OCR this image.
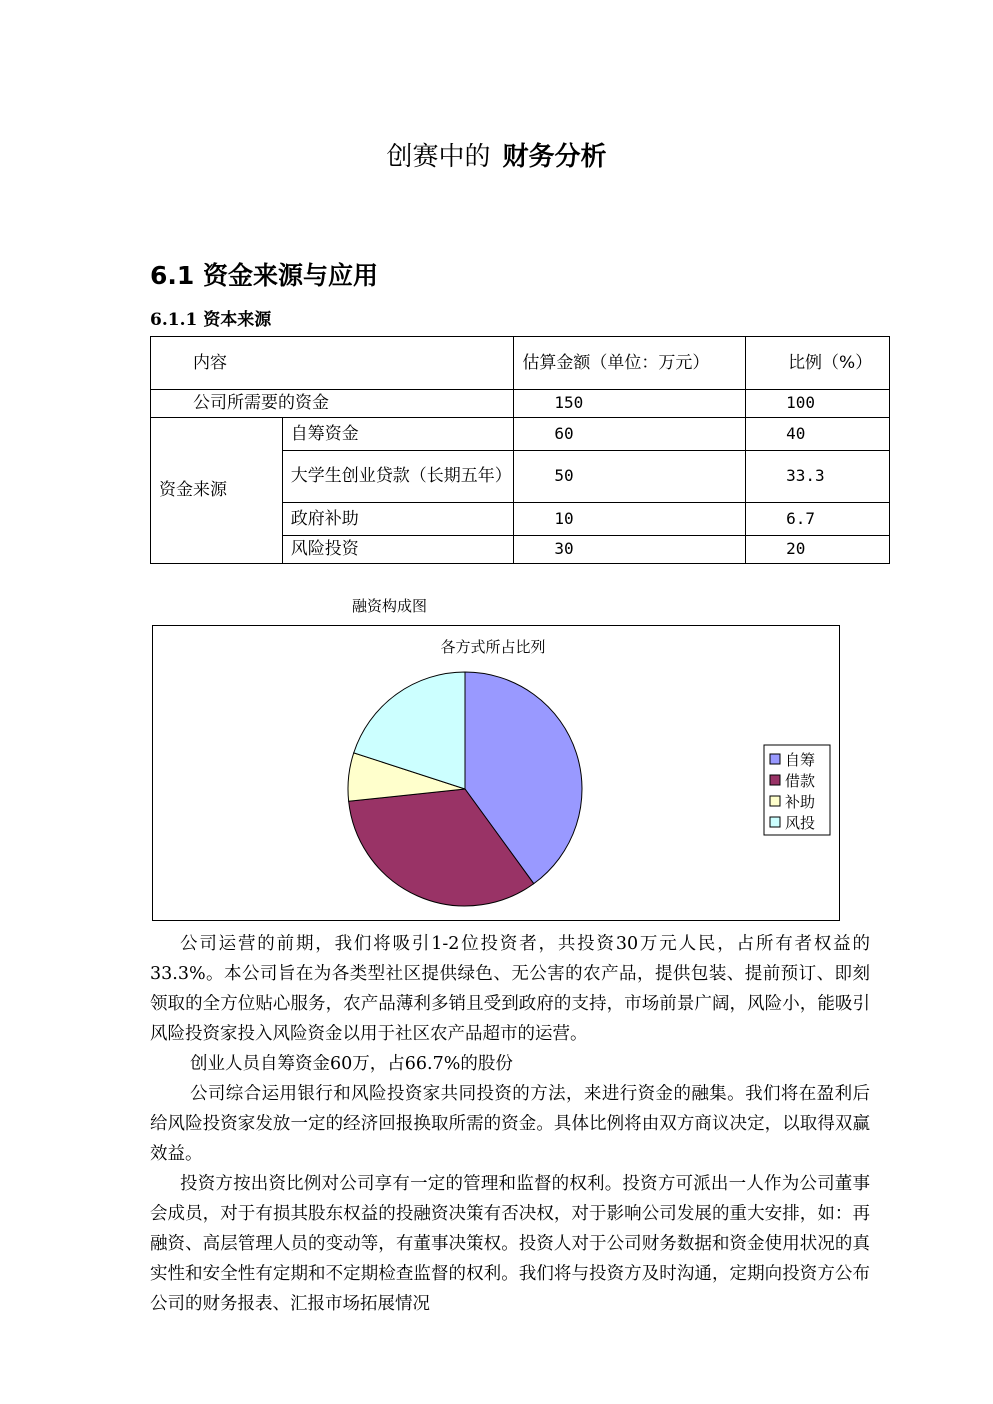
创赛中的 财务分析
6.1 资金来源与应用
6.1.1 资本来源
内容		估算金额（单位：万元）	比例（%）
公司所需要的资金		150	100
资金来源	自筹资金	60	40
	大学生创业贷款（长期五年）	50	33.3
	政府补助	10	6.7
	风险投资	30	20
融资构成图
各方式所占比列
自筹
借款
补助
风投

公司运营的前期，我们将吸引1-2位投资者，共投资30万元人民，占所有者权益的33.3%。本公司旨在为各类型社区提供绿色、无公害的农产品，提供包装、提前预订、即刻领取的全方位贴心服务，农产品薄利多销且受到政府的支持，市场前景广阔，风险小，能吸引风险投资家投入风险资金以用于社区农产品超市的运营。

创业人员自筹资金60万，占66.7%的股份

公司综合运用银行和风险投资家共同投资的方法，来进行资金的融集。我们将在盈利后给风险投资家发放一定的经济回报换取所需的资金。具体比例将由双方商议决定，以取得双赢效益。

投资方按出资比例对公司享有一定的管理和监督的权利。投资方可派出一人作为公司董事会成员，对于有损其股东权益的投融资决策有否决权，对于影响公司发展的重大安排，如：再融资、高层管理人员的变动等，有董事决策权。投资人对于公司财务数据和资金使用状况的真实性和安全性有定期和不定期检查监督的权利。我们将与投资方及时沟通，定期向投资方公布公司的财务报表、汇报市场拓展情况
